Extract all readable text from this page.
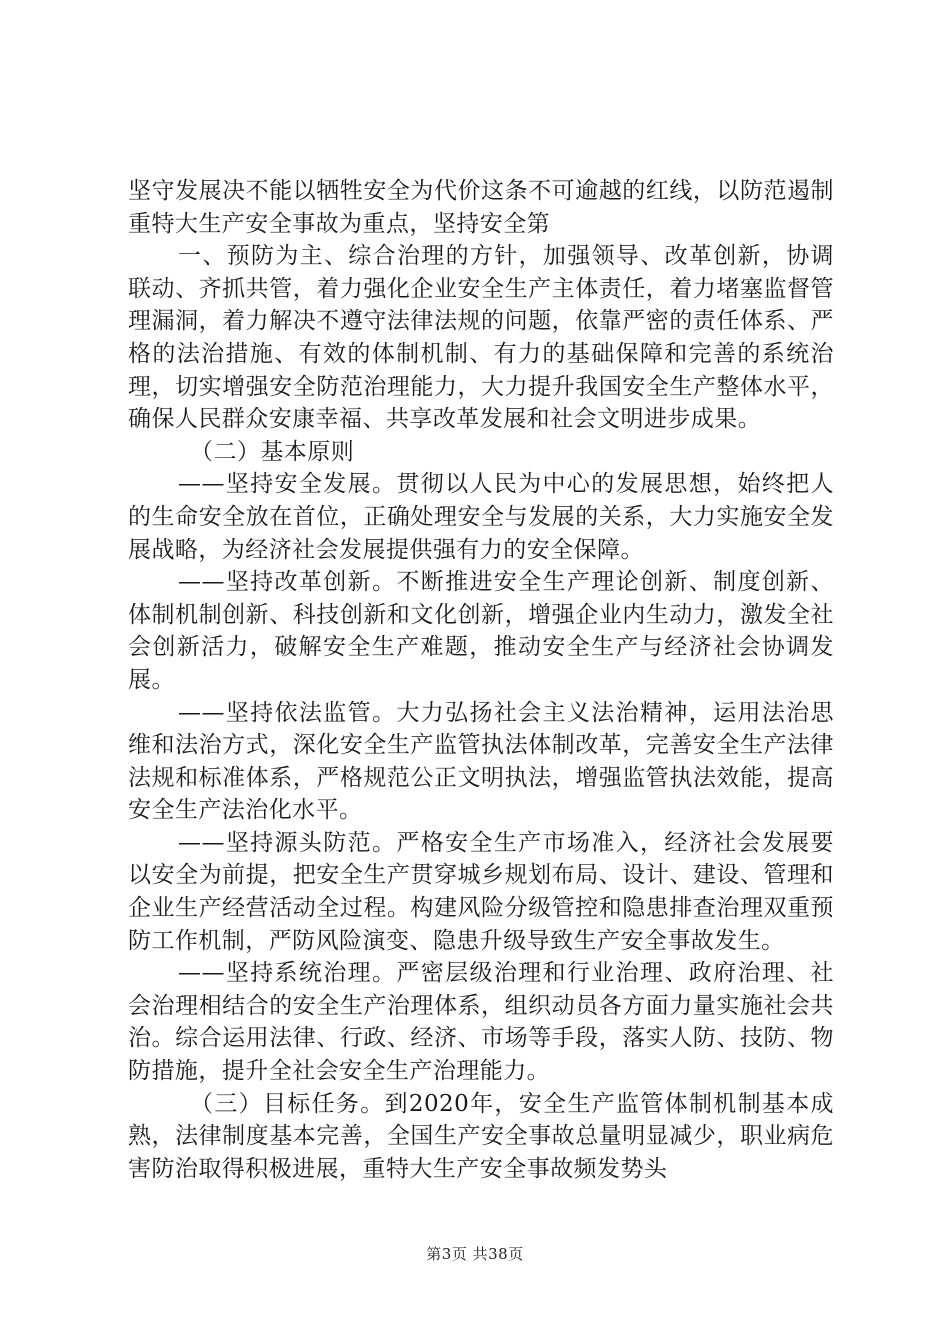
坚守发展决不能以牺牲安全为代价这条不可逾越的红线，以防范遏制重特大生产安全事故为重点，坚持安全第

一、预防为主、综合治理的方针，加强领导、改革创新，协调联动、齐抓共管，着力强化企业安全生产主体责任，着力堵塞监督管理漏洞，着力解决不遵守法律法规的问题，依靠严密的责任体系、严格的法治措施、有效的体制机制、有力的基础保障和完善的系统治理，切实增强安全防范治理能力，大力提升我国安全生产整体水平，确保人民群众安康幸福、共享改革发展和社会文明进步成果。

（二）基本原则

——坚持安全发展。贯彻以人民为中心的发展思想，始终把人的生命安全放在首位，正确处理安全与发展的关系，大力实施安全发展战略，为经济社会发展提供强有力的安全保障。

——坚持改革创新。不断推进安全生产理论创新、制度创新、体制机制创新、科技创新和文化创新，增强企业内生动力，激发全社会创新活力，破解安全生产难题，推动安全生产与经济社会协调发展。

——坚持依法监管。大力弘扬社会主义法治精神，运用法治思维和法治方式，深化安全生产监管执法体制改革，完善安全生产法律法规和标准体系，严格规范公正文明执法，增强监管执法效能，提高安全生产法治化水平。

——坚持源头防范。严格安全生产市场准入，经济社会发展要以安全为前提，把安全生产贯穿城乡规划布局、设计、建设、管理和企业生产经营活动全过程。构建风险分级管控和隐患排查治理双重预防工作机制，严防风险演变、隐患升级导致生产安全事故发生。

——坚持系统治理。严密层级治理和行业治理、政府治理、社会治理相结合的安全生产治理体系，组织动员各方面力量实施社会共治。综合运用法律、行政、经济、市场等手段，落实人防、技防、物防措施，提升全社会安全生产治理能力。

（三）目标任务。到2020年，安全生产监管体制机制基本成熟，法律制度基本完善，全国生产安全事故总量明显减少，职业病危害防治取得积极进展，重特大生产安全事故频发势头

第3页 共38页
